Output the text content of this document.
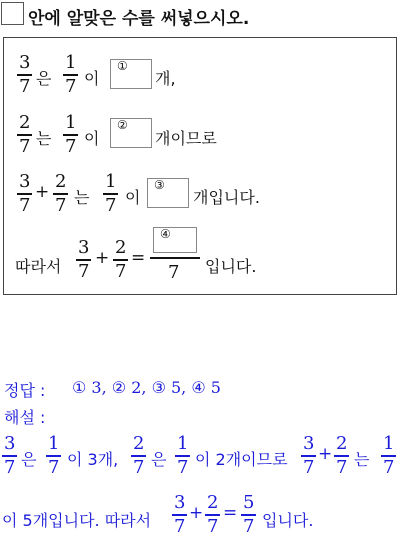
안에 알맞은 수를 써넣으시오.
3
7 은
1
7 이
①
개,
2
7 는
1
7 이
②
개이므로
3
7
+ 2
7 는
1
7 이
③
개입니다.
따라서
3
7
+ 2
7
=
④
7 입니다.
정답 : ① 3, ② 2, ③ 5, ④ 5
해설 :
3
7 은
1
7 이 3개,
2
7 은
1
7 이 2개이므로
3
7
+ 2
7 는
1
7
이 5개입니다. 따라서
3
7
+ 2
7
= 5
7 입니다.
